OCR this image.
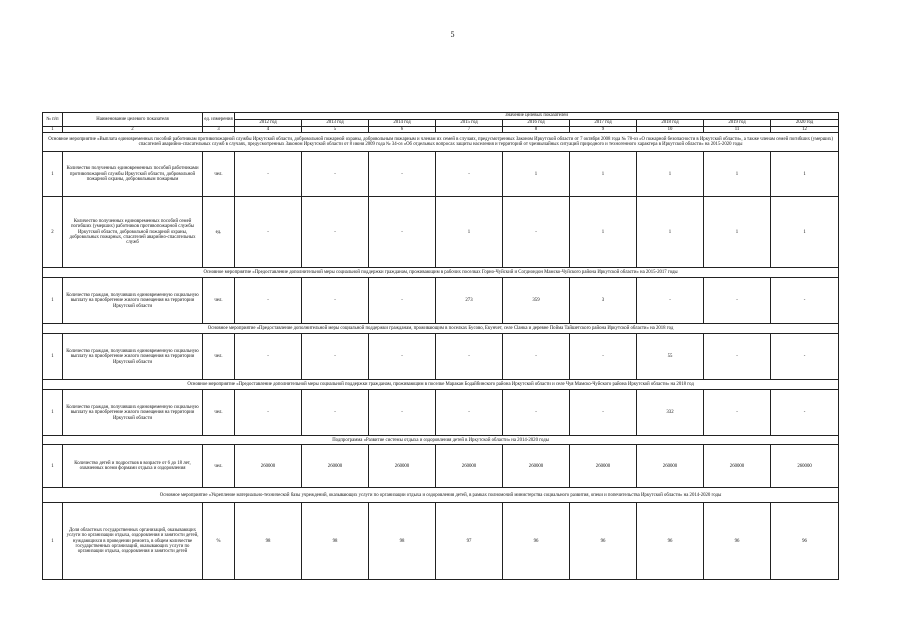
5
№ п/п	Наименование целевого показателя	ед. измерения	Значение целевых показателей								
			2012 год	2013 год	2014 год	2015 год	2016 год	2017 год	2018 год	2019 год	2020 год
1	2	3	4	5	6	7	8	9	10	11	12
Основное мероприятие «Выплата единовременных пособий работникам противопожарной службы Иркутской области, добровольной пожарной охраны, добровольным пожарным и членам их семей в случаях, предусмотренных Законом Иркутской области от 7 октября 2008 года № 78-оз «О пожарной безопасности в Иркутской области», а также членам семей погибших (умерших) спасателей аварийно-спасательных служб в случаях, предусмотренных Законом Иркутской области от 8 июня 2009 года № 34-оз «Об отдельных вопросах защиты населения и территорий от чрезвычайных ситуаций природного и техногенного характера в Иркутской области» на 2015-2020 годы											
1	Количество полученных единовременных пособий работниками противопожарной службы Иркутской области, добровольной пожарной охраны, добровольным пожарным	чел.	-	-	-	-	1	1	1	1	1
2	Количество полученных единовременных пособий семей погибших (умерших) работников противопожарной службы Иркутской области, добровольной пожарной охраны, добровольных пожарных, спасателей аварийно-спасательных служб	ед.	-	-	-	1	-	1	1	1	1
Основное мероприятие «Предоставление дополнительной меры социальной поддержки гражданам, проживающим в рабочих поселках Горно-Чуйский и Согдиондон Мамско-Чуйского района Иркутской области» на 2015-2017 годы											
1	Количество граждан, получивших единовременную социальную выплату на приобретение жилого помещения на территории Иркутской области	чел.	-	-	-	273	359	3	-	-	-
Основное мероприятие «Предоставление дополнительной меры социальной поддержки гражданам, проживающим в поселках Бусово, Екунчет, селе Claнка и деревне Пойма Тайшетского района Иркутской области» на 2018 год											
1	Количество граждан, получивших единовременную социальную выплату на приобретение жилого помещения на территории Иркутской области	чел.	-	-	-	-	-	-	55	-	-
Основное мероприятие «Предоставление дополнительной меры социальной поддержки гражданам, проживающим в поселке Маракан Бодайбинского района Иркутской области и селе Чуя Мамско-Чуйского района Иркутской области» на 2018 год											
1	Количество граждан, получивших единовременную социальную выплату на приобретение жилого помещения на территории Иркутской области	чел.	-	-	-	-	-	-	332	-	-
Подпрограмма «Развитие системы отдыха и оздоровления детей в Иркутской области» на 2014-2020 годы											
1	Количество детей и подростков в возрасте от 6 до 18 лет, охваченных всеми формами отдыха и оздоровления	чел.	260000	260000	260000	260000	260000	260000	260000	260000	260000
Основное мероприятие «Укрепление материально-технической базы учреждений, оказывающих услуги по организации отдыха и оздоровления детей, в рамках полномочий министерства социального развития, опеки и попечительства Иркутской области» на 2014-2020 годы											
1	Доля областных государственных организаций, оказывающих услуги по организации отдыха, оздоровления и занятости детей, нуждающихся в проведении ремонта, в общем количестве государственных организаций, оказывающих услуги по организации отдыха, оздоровления и занятости детей	%	98	98	98	97	96	96	96	96	96
